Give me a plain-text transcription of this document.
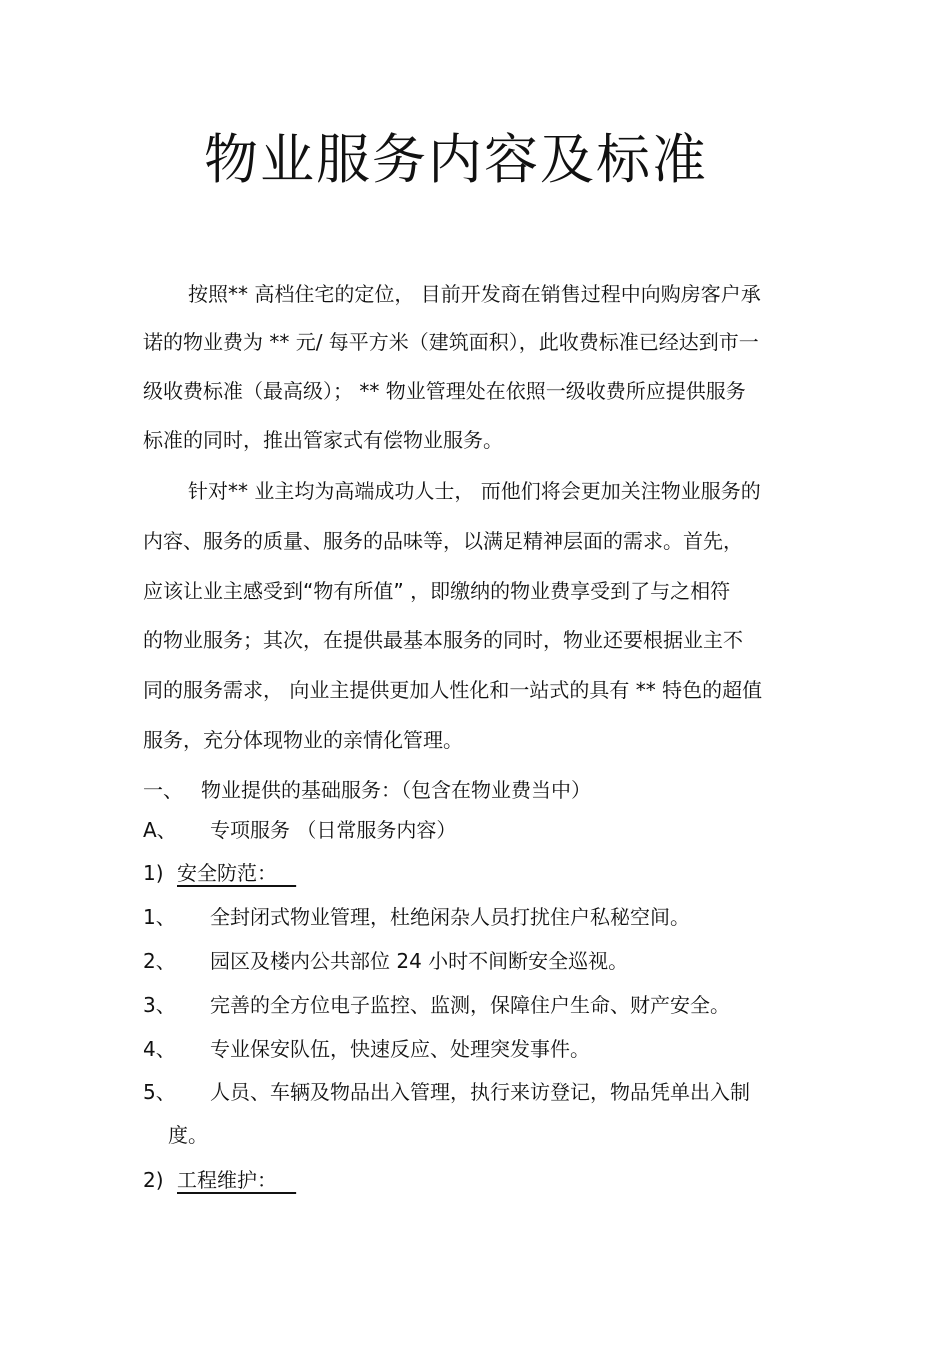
物业服务内容及标准
按照** 高档住宅的定位， 目前开发商在销售过程中向购房客户承
诺的物业费为 ** 元/ 每平方米（建筑面积），此收费标准已经达到市一
级收费标准（最高级）； ** 物业管理处在依照一级收费所应提供服务
标准的同时，推出管家式有偿物业服务。
针对** 业主均为高端成功人士， 而他们将会更加关注物业服务的
内容、服务的质量、服务的品味等，以满足精神层面的需求。首先，
应该让业主感受到“物有所值” ，即缴纳的物业费享受到了与之相符
的物业服务；其次，在提供最基本服务的同时，物业还要根据业主不
同的服务需求， 向业主提供更加人性化和一站式的具有 ** 特色的超值
服务，充分体现物业的亲情化管理。
一、 物业提供的基础服务：（包含在物业费当中）
A、 专项服务 （日常服务内容）
1) 安全防范：
1、 全封闭式物业管理，杜绝闲杂人员打扰住户私秘空间。
2、 园区及楼内公共部位 24 小时不间断安全巡视。
3、 完善的全方位电子监控、监测，保障住户生命、财产安全。
4、 专业保安队伍，快速反应、处理突发事件。
5、 人员、车辆及物品出入管理，执行来访登记，物品凭单出入制
度。
2) 工程维护：
